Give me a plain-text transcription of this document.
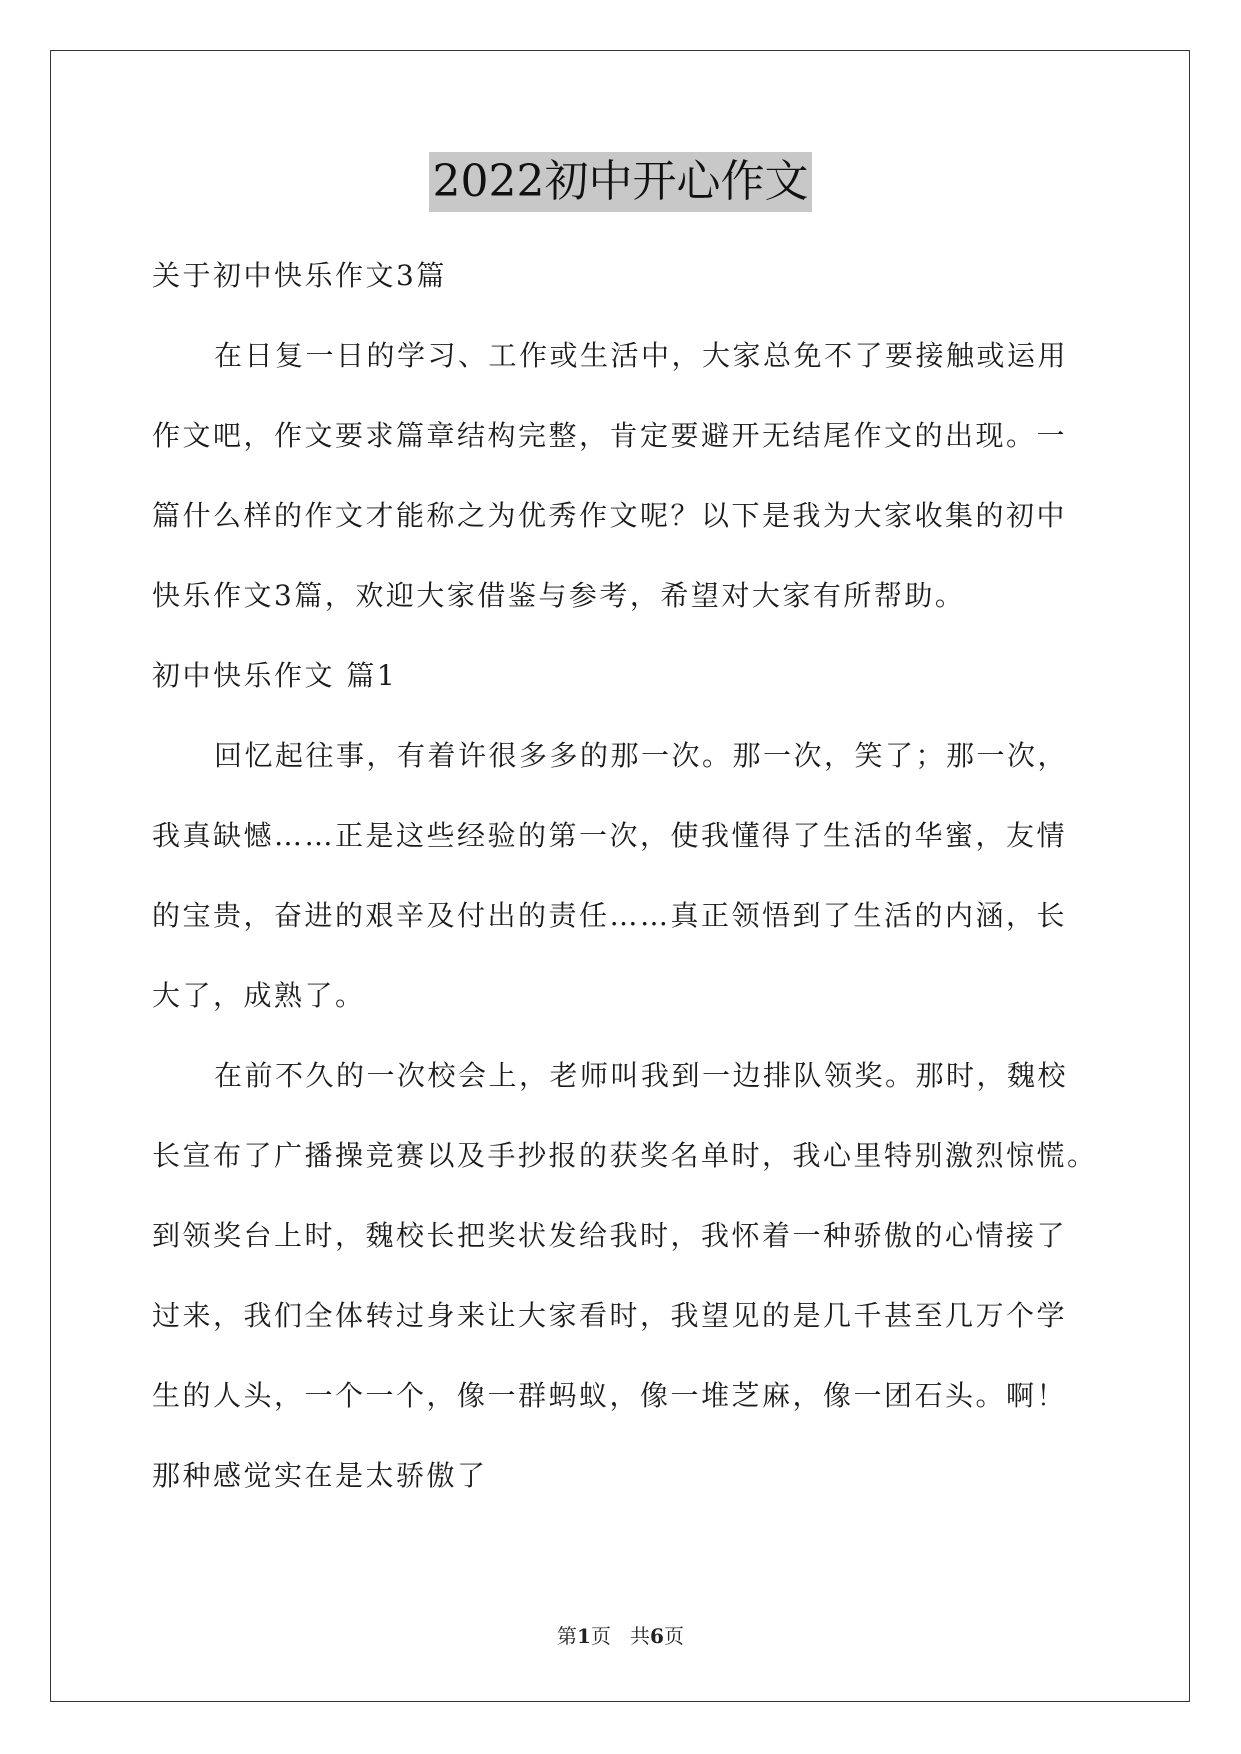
2022初中开心作文
关于初中快乐作文3篇
在日复一日的学习、工作或生活中，大家总免不了要接触或运用
作文吧，作文要求篇章结构完整，肯定要避开无结尾作文的出现。一
篇什么样的作文才能称之为优秀作文呢？以下是我为大家收集的初中
快乐作文3篇，欢迎大家借鉴与参考，希望对大家有所帮助。
初中快乐作文 篇1
回忆起往事，有着许很多多的那一次。那一次，笑了；那一次，
我真缺憾……正是这些经验的第一次，使我懂得了生活的华蜜，友情
的宝贵，奋进的艰辛及付出的责任……真正领悟到了生活的内涵，长
大了，成熟了。
在前不久的一次校会上，老师叫我到一边排队领奖。那时，魏校
长宣布了广播操竞赛以及手抄报的获奖名单时，我心里特别激烈惊慌。
到领奖台上时，魏校长把奖状发给我时，我怀着一种骄傲的心情接了
过来，我们全体转过身来让大家看时，我望见的是几千甚至几万个学
生的人头，一个一个，像一群蚂蚁，像一堆芝麻，像一团石头。啊！
那种感觉实在是太骄傲了
第1页 共6页
